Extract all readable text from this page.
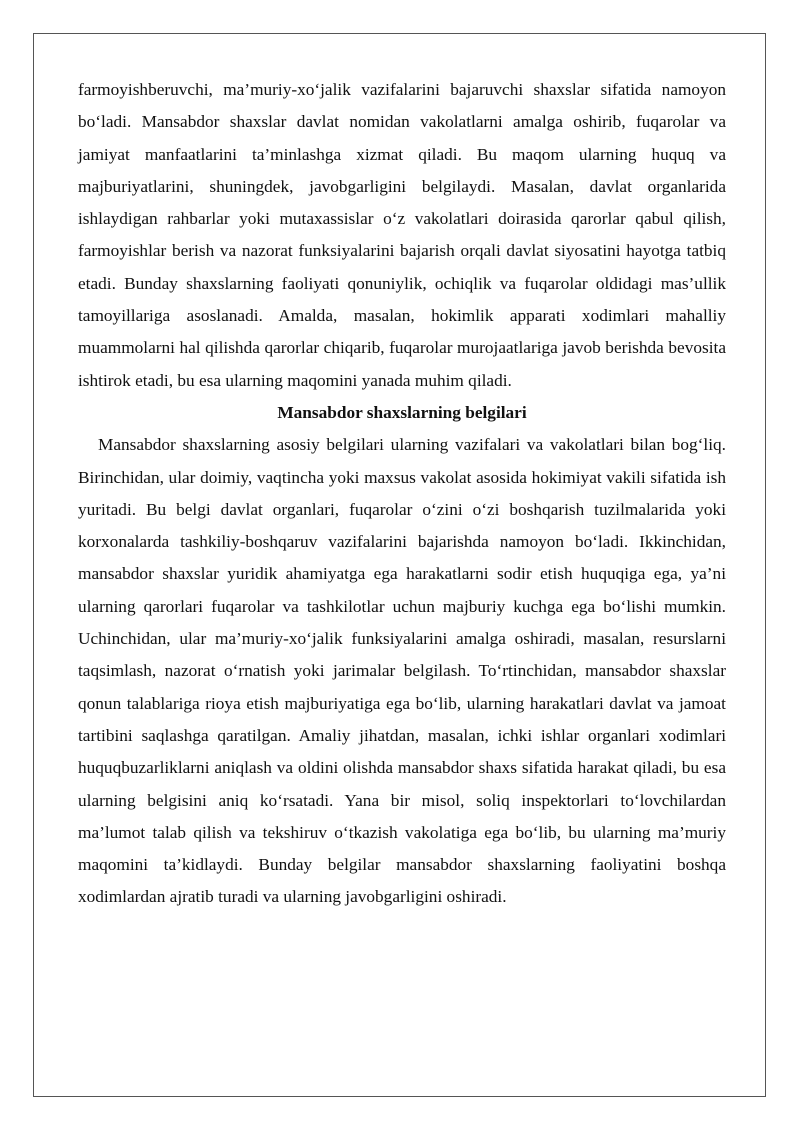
farmoyishberuvchi, ma’muriy-xo‘jalik vazifalarini bajaruvchi shaxslar sifatida namoyon bo‘ladi. Mansabdor shaxslar davlat nomidan vakolatlarni amalga oshirib, fuqarolar va jamiyat manfaatlarini ta’minlashga xizmat qiladi. Bu maqom ularning huquq va majburiyatlarini, shuningdek, javobgarligini belgilaydi. Masalan, davlat organlarida ishlaydigan rahbarlar yoki mutaxassislar o‘z vakolatlari doirasida qarorlar qabul qilish, farmoyishlar berish va nazorat funksiyalarini bajarish orqali davlat siyosatini hayotga tatbiq etadi. Bunday shaxslarning faoliyati qonuniylik, ochiqlik va fuqarolar oldidagi mas’ullik tamoyillariga asoslanadi. Amalda, masalan, hokimlik apparati xodimlari mahalliy muammolarni hal qilishda qarorlar chiqarib, fuqarolar murojaatlariga javob berishda bevosita ishtirok etadi, bu esa ularning maqomini yanada muhim qiladi.

Mansabdor shaxslarning belgilari

Mansabdor shaxslarning asosiy belgilari ularning vazifalari va vakolatlari bilan bog‘liq. Birinchidan, ular doimiy, vaqtincha yoki maxsus vakolat asosida hokimiyat vakili sifatida ish yuritadi. Bu belgi davlat organlari, fuqarolar o‘zini o‘zi boshqarish tuzilmalarida yoki korxonalarda tashkiliy-boshqaruv vazifalarini bajarishda namoyon bo‘ladi. Ikkinchidan, mansabdor shaxslar yuridik ahamiyatga ega harakatlarni sodir etish huquqiga ega, ya’ni ularning qarorlari fuqarolar va tashkilotlar uchun majburiy kuchga ega bo‘lishi mumkin. Uchinchidan, ular ma’muriy-xo‘jalik funksiyalarini amalga oshiradi, masalan, resurslarni taqsimlash, nazorat o‘rnatish yoki jarimalar belgilash. To‘rtinchidan, mansabdor shaxslar qonun talablariga rioya etish majburiyatiga ega bo‘lib, ularning harakatlari davlat va jamoat tartibini saqlashga qaratilgan. Amaliy jihatdan, masalan, ichki ishlar organlari xodimlari huquqbuzarliklarni aniqlash va oldini olishda mansabdor shaxs sifatida harakat qiladi, bu esa ularning belgisini aniq ko‘rsatadi. Yana bir misol, soliq inspektorlari to‘lovchilardan ma’lumot talab qilish va tekshiruv o‘tkazish vakolatiga ega bo‘lib, bu ularning ma’muriy maqomini ta’kidlaydi. Bunday belgilar mansabdor shaxslarning faoliyatini boshqa xodimlardan ajratib turadi va ularning javobgarligini oshiradi.
